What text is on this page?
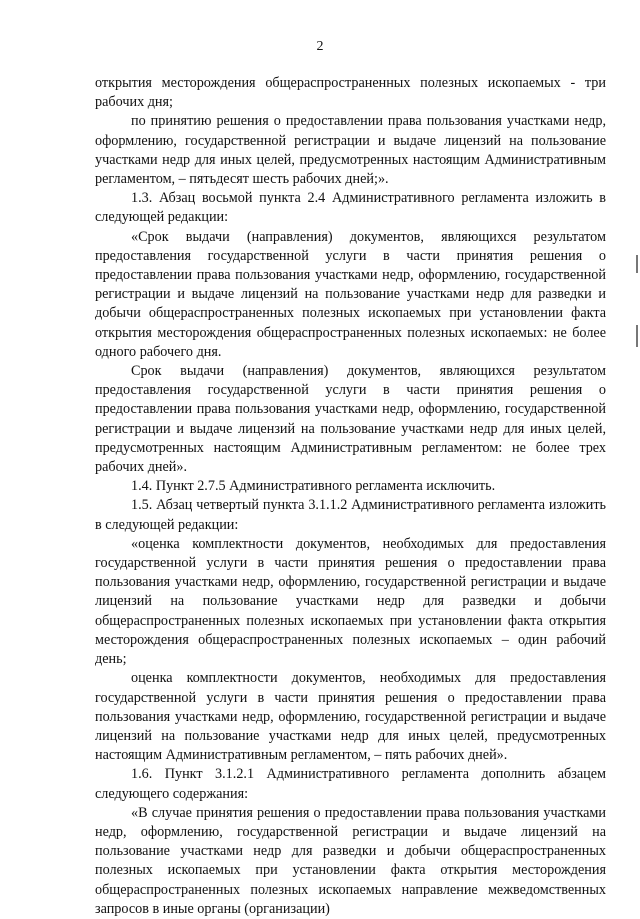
2

открытия месторождения общераспространенных полезных ископаемых - три рабочих дня;

по принятию решения о предоставлении права пользования участками недр, оформлению, государственной регистрации и выдаче лицензий на пользование участками недр для иных целей, предусмотренных настоящим Административным регламентом, – пятьдесят шесть рабочих дней;».

1.3. Абзац восьмой пункта 2.4 Административного регламента изложить в следующей редакции:

«Срок выдачи (направления) документов, являющихся результатом предоставления государственной услуги в части принятия решения о предоставлении права пользования участками недр, оформлению, государственной регистрации и выдаче лицензий на пользование участками недр для разведки и добычи общераспространенных полезных ископаемых при установлении факта открытия месторождения общераспространенных полезных ископаемых: не более одного рабочего дня.

Срок выдачи (направления) документов, являющихся результатом предоставления государственной услуги в части принятия решения о предоставлении права пользования участками недр, оформлению, государственной регистрации и выдаче лицензий на пользование участками недр для иных целей, предусмотренных настоящим Административным регламентом: не более трех рабочих дней».

1.4. Пункт 2.7.5 Административного регламента исключить.

1.5. Абзац четвертый пункта 3.1.1.2 Административного регламента изложить в следующей редакции:

«оценка комплектности документов, необходимых для предоставления государственной услуги в части принятия решения о предоставлении права пользования участками недр, оформлению, государственной регистрации и выдаче лицензий на пользование участками недр для разведки и добычи общераспространенных полезных ископаемых при установлении факта открытия месторождения общераспространенных полезных ископаемых – один рабочий день;

оценка комплектности документов, необходимых для предоставления государственной услуги в части принятия решения о предоставлении права пользования участками недр, оформлению, государственной регистрации и выдаче лицензий на пользование участками недр для иных целей, предусмотренных настоящим Административным регламентом, – пять рабочих дней».

1.6. Пункт 3.1.2.1 Административного регламента дополнить абзацем следующего содержания:

«В случае принятия решения о предоставлении права пользования участками недр, оформлению, государственной регистрации и выдаче лицензий на пользование участками недр для разведки и добычи общераспространенных полезных ископаемых при установлении факта открытия месторождения общераспространенных полезных ископаемых направление межведомственных запросов в иные органы (организации)
